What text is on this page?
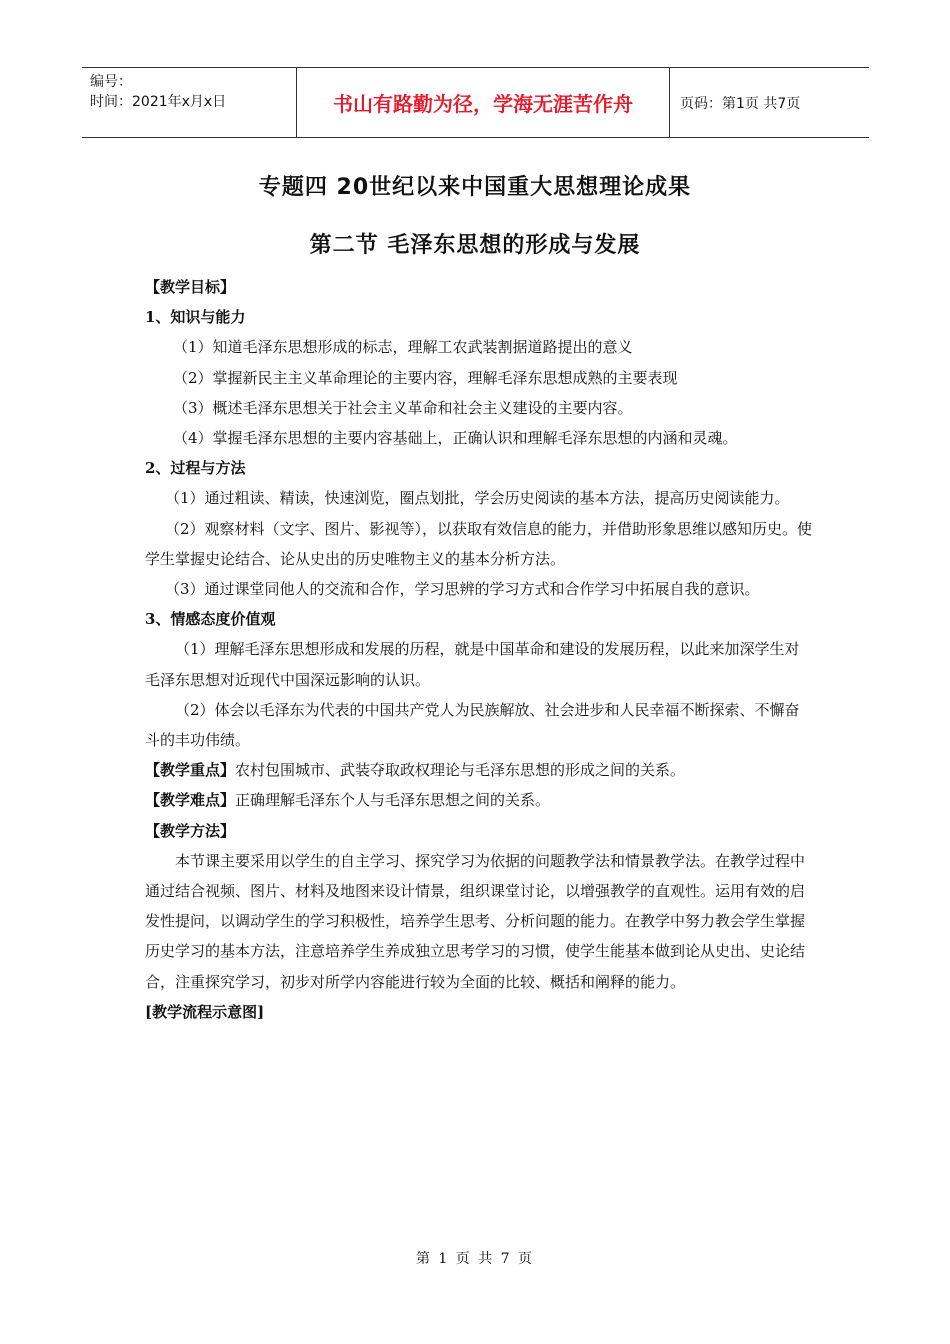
编号：
时间：2021年x月x日	书山有路勤为径，学海无涯苦作舟	页码：第1页 共7页
专题四 20世纪以来中国重大思想理论成果
第二节 毛泽东思想的形成与发展

【教学目标】

1、知识与能力

（1）知道毛泽东思想形成的标志，理解工农武装割据道路提出的意义

（2）掌握新民主主义革命理论的主要内容，理解毛泽东思想成熟的主要表现

（3）概述毛泽东思想关于社会主义革命和社会主义建设的主要内容。

（4）掌握毛泽东思想的主要内容基础上，正确认识和理解毛泽东思想的内涵和灵魂。

2、过程与方法

（1）通过粗读、精读，快速浏览，圈点划批，学会历史阅读的基本方法，提高历史阅读能力。

（2）观察材料（文字、图片、影视等），以获取有效信息的能力，并借助形象思维以感知历史。使学生掌握史论结合、论从史出的历史唯物主义的基本分析方法。

（3）通过课堂同他人的交流和合作，学习思辨的学习方式和合作学习中拓展自我的意识。

3、情感态度价值观

（1）理解毛泽东思想形成和发展的历程，就是中国革命和建设的发展历程，以此来加深学生对毛泽东思想对近现代中国深远影响的认识。

（2）体会以毛泽东为代表的中国共产党人为民族解放、社会进步和人民幸福不断探索、不懈奋斗的丰功伟绩。

【教学重点】农村包围城市、武装夺取政权理论与毛泽东思想的形成之间的关系。

【教学难点】正确理解毛泽东个人与毛泽东思想之间的关系。

【教学方法】

本节课主要采用以学生的自主学习、探究学习为依据的问题教学法和情景教学法。在教学过程中通过结合视频、图片、材料及地图来设计情景，组织课堂讨论，以增强教学的直观性。运用有效的启发性提问，以调动学生的学习积极性，培养学生思考、分析问题的能力。在教学中努力教会学生掌握历史学习的基本方法，注意培养学生养成独立思考学习的习惯，使学生能基本做到论从史出、史论结合，注重探究学习，初步对所学内容能进行较为全面的比较、概括和阐释的能力。

[教学流程示意图]

第 1 页 共 7 页
